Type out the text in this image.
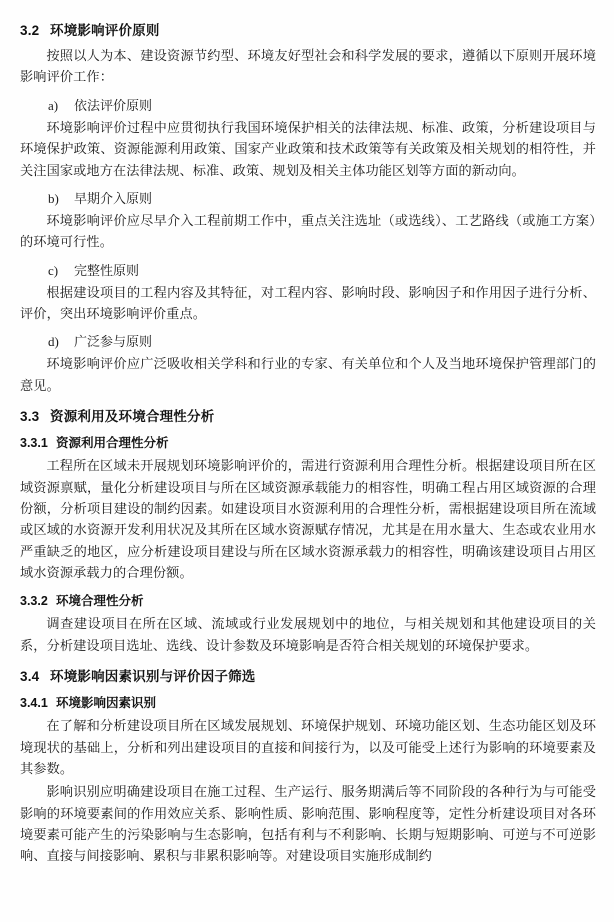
3.2 环境影响评价原则

按照以人为本、建设资源节约型、环境友好型社会和科学发展的要求，遵循以下原则开展环境影响评价工作：

a) 依法评价原则

环境影响评价过程中应贯彻执行我国环境保护相关的法律法规、标准、政策，分析建设项目与环境保护政策、资源能源利用政策、国家产业政策和技术政策等有关政策及相关规划的相符性，并关注国家或地方在法律法规、标准、政策、规划及相关主体功能区划等方面的新动向。

b) 早期介入原则

环境影响评价应尽早介入工程前期工作中，重点关注选址（或选线）、工艺路线（或施工方案）的环境可行性。

c) 完整性原则

根据建设项目的工程内容及其特征，对工程内容、影响时段、影响因子和作用因子进行分析、评价，突出环境影响评价重点。

d) 广泛参与原则

环境影响评价应广泛吸收相关学科和行业的专家、有关单位和个人及当地环境保护管理部门的意见。

3.3 资源利用及环境合理性分析
3.3.1 资源利用合理性分析

工程所在区域未开展规划环境影响评价的，需进行资源利用合理性分析。根据建设项目所在区域资源禀赋，量化分析建设项目与所在区域资源承载能力的相容性，明确工程占用区域资源的合理份额，分析项目建设的制约因素。如建设项目水资源利用的合理性分析，需根据建设项目所在流域或区域的水资源开发利用状况及其所在区域水资源赋存情况，尤其是在用水量大、生态或农业用水严重缺乏的地区，应分析建设项目建设与所在区域水资源承载力的相容性，明确该建设项目占用区域水资源承载力的合理份额。

3.3.2 环境合理性分析

调查建设项目在所在区域、流域或行业发展规划中的地位，与相关规划和其他建设项目的关系，分析建设项目选址、选线、设计参数及环境影响是否符合相关规划的环境保护要求。

3.4 环境影响因素识别与评价因子筛选
3.4.1 环境影响因素识别

在了解和分析建设项目所在区域发展规划、环境保护规划、环境功能区划、生态功能区划及环境现状的基础上，分析和列出建设项目的直接和间接行为，以及可能受上述行为影响的环境要素及其参数。

影响识别应明确建设项目在施工过程、生产运行、服务期满后等不同阶段的各种行为与可能受影响的环境要素间的作用效应关系、影响性质、影响范围、影响程度等，定性分析建设项目对各环境要素可能产生的污染影响与生态影响，包括有利与不利影响、长期与短期影响、可逆与不可逆影响、直接与间接影响、累积与非累积影响等。对建设项目实施形成制约
